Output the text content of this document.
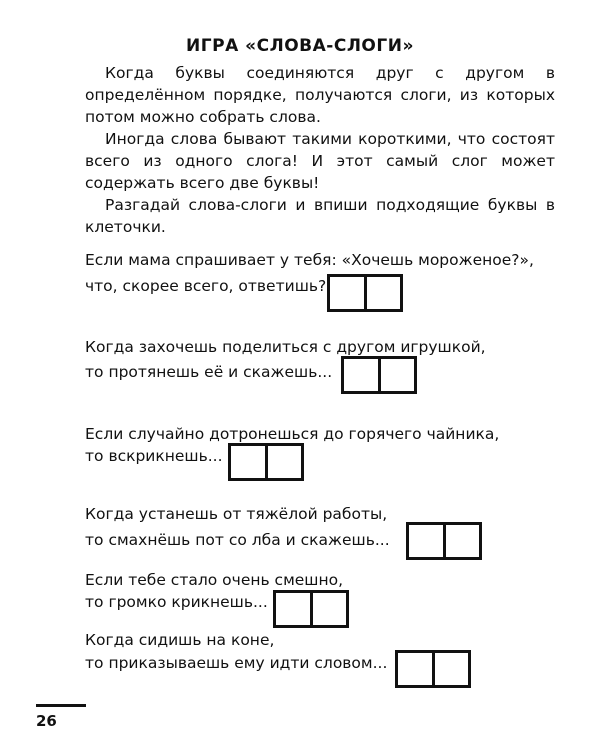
ИГРА «СЛОВА-СЛОГИ»

Когда буквы соединяются друг с другом в определённом порядке, получаются слоги, из которых потом можно собрать слова.

Иногда слова бывают такими короткими, что состоят всего из одного слога! И этот самый слог может содержать всего две буквы!

Разгадай слова-слоги и впиши подходящие буквы в клеточки.

Если мама спрашивает у тебя: «Хочешь мороженое?»,
что, скорее всего, ответишь?
Когда захочешь поделиться с другом игрушкой,
то протянешь её и скажешь...
Если случайно дотронешься до горячего чайника,
то вскрикнешь...
Когда устанешь от тяжёлой работы,
то смахнёшь пот со лба и скажешь...
Если тебе стало очень смешно,
то громко крикнешь...
Когда сидишь на коне,
то приказываешь ему идти словом...
26
